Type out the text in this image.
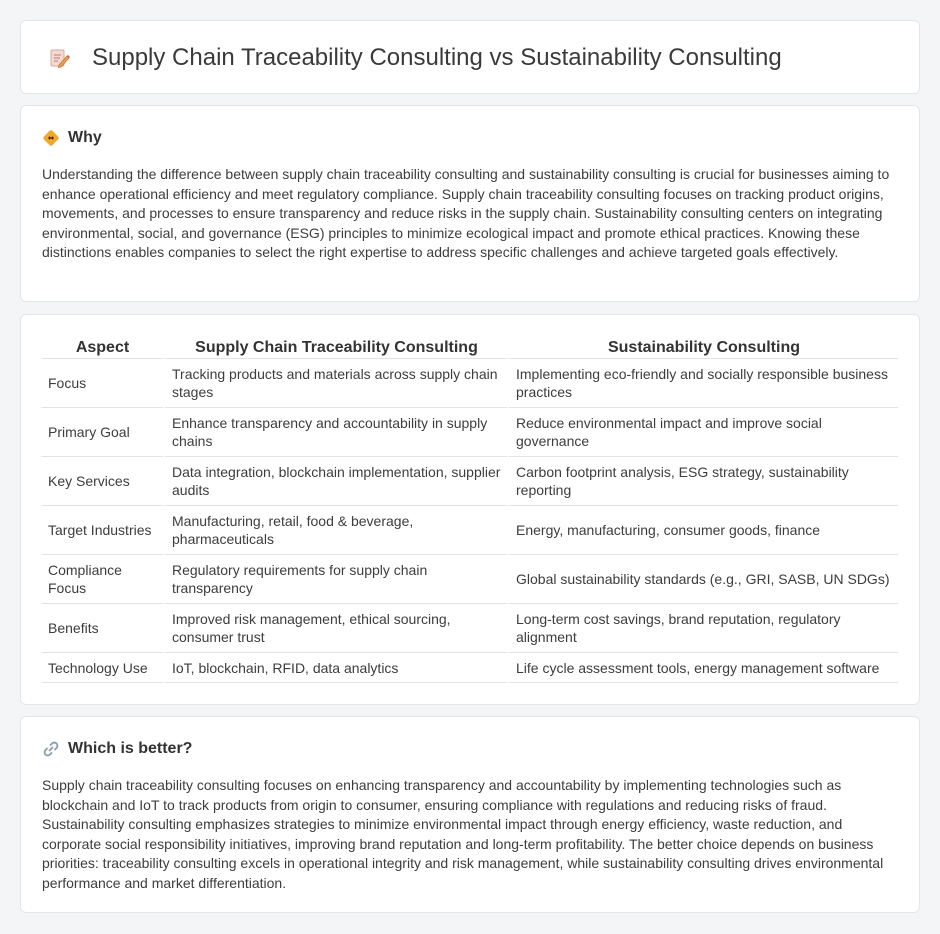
Supply Chain Traceability Consulting vs Sustainability Consulting
Why

Understanding the difference between supply chain traceability consulting and sustainability consulting is crucial for businesses aiming to enhance operational efficiency and meet regulatory compliance. Supply chain traceability consulting focuses on tracking product origins, movements, and processes to ensure transparency and reduce risks in the supply chain. Sustainability consulting centers on integrating environmental, social, and governance (ESG) principles to minimize ecological impact and promote ethical practices. Knowing these distinctions enables companies to select the right expertise to address specific challenges and achieve targeted goals effectively.

Aspect	Supply Chain Traceability Consulting	Sustainability Consulting
Focus	Tracking products and materials across supply chain stages	Implementing eco-friendly and socially responsible business practices
Primary Goal	Enhance transparency and accountability in supply chains	Reduce environmental impact and improve social governance
Key Services	Data integration, blockchain implementation, supplier audits	Carbon footprint analysis, ESG strategy, sustainability reporting
Target Industries	Manufacturing, retail, food & beverage, pharmaceuticals	Energy, manufacturing, consumer goods, finance
Compliance Focus	Regulatory requirements for supply chain transparency	Global sustainability standards (e.g., GRI, SASB, UN SDGs)
Benefits	Improved risk management, ethical sourcing, consumer trust	Long-term cost savings, brand reputation, regulatory alignment
Technology Use	IoT, blockchain, RFID, data analytics	Life cycle assessment tools, energy management software
Which is better?

Supply chain traceability consulting focuses on enhancing transparency and accountability by implementing technologies such as blockchain and IoT to track products from origin to consumer, ensuring compliance with regulations and reducing risks of fraud. Sustainability consulting emphasizes strategies to minimize environmental impact through energy efficiency, waste reduction, and corporate social responsibility initiatives, improving brand reputation and long-term profitability. The better choice depends on business priorities: traceability consulting excels in operational integrity and risk management, while sustainability consulting drives environmental performance and market differentiation.
